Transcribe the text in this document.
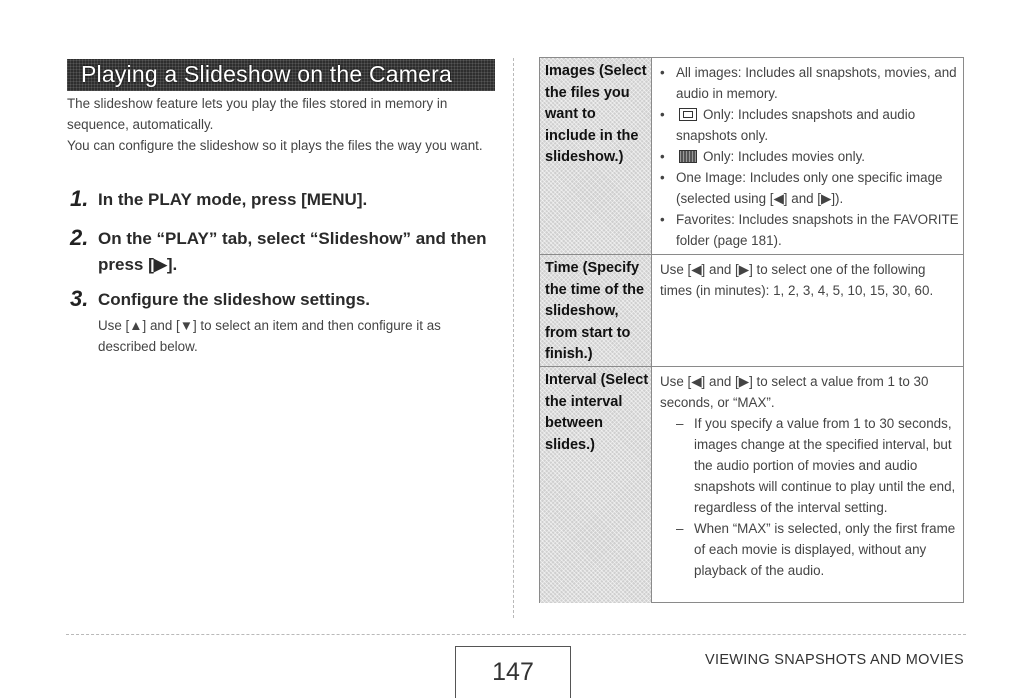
Playing a Slideshow on the Camera

The slideshow feature lets you play the files stored in memory in sequence, automatically.

You can configure the slideshow so it plays the files the way you want.

1. In the PLAY mode, press [MENU].
2. On the “PLAY” tab, select “Slideshow” and then press [▶].
3. Configure the slideshow settings.
Use [▲] and [▼] to select an item and then configure it as described below.
Images (Select the files you want to include in the slideshow.)
• All images: Includes all snapshots, movies, and audio in memory.
• Only: Includes snapshots and audio snapshots only.
• Only: Includes movies only.
• One Image: Includes only one specific image (selected using [◀] and [▶]).
• Favorites: Includes snapshots in the FAVORITE folder (page 181).
Time (Specify the time of the slideshow, from start to finish.)

Use [◀] and [▶] to select one of the following times (in minutes): 1, 2, 3, 4, 5, 10, 15, 30, 60.

Interval (Select the interval between slides.)

Use [◀] and [▶] to select a value from 1 to 30 seconds, or “MAX”.

– If you specify a value from 1 to 30 seconds, images change at the specified interval, but the audio portion of movies and audio snapshots will continue to play until the end, regardless of the interval setting.
– When “MAX” is selected, only the first frame of each movie is displayed, without any playback of the audio.
147	VIEWING SNAPSHOTS AND MOVIES
